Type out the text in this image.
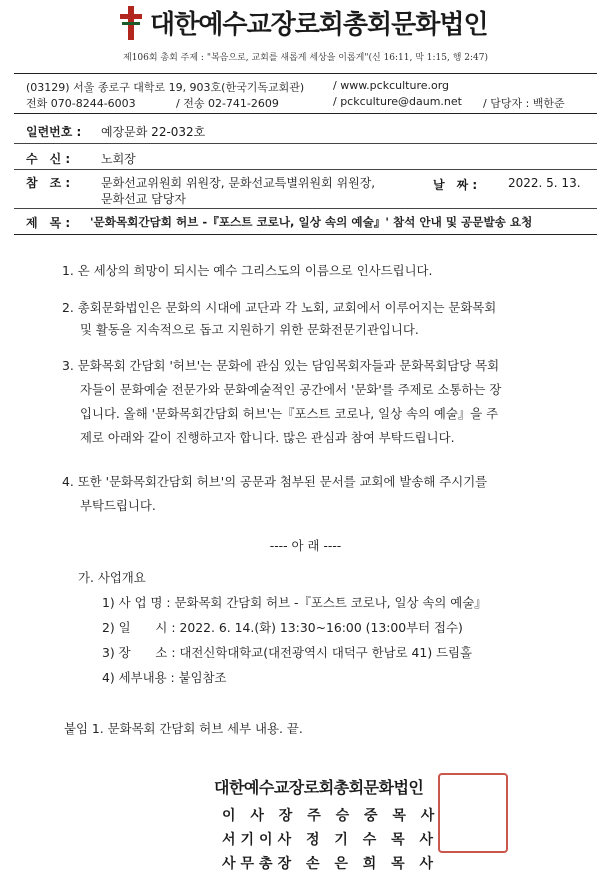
대한예수교장로회총회문화법인
제106회 총회 주제 : "복음으로, 교회를 새롭게 세상을 이롭게"(신 16:11, 막 1:15, 행 2:47)
(03129) 서울 종로구 대학로 19, 903호(한국기독교회관)	/ www.pckculture.org
전화 070-8244-6003	/ 전송 02-741-2609	/ pckculture@daum.net / 담당자 : 백한준
일련번호 : 예장문화 22-032호
수　신 :	노회장
참　조 :	문화선교위원회 위원장, 문화선교특별위원회 위원장,
문화선교 담당자
날　짜 :	2022. 5. 13.
제　목 : '문화목회간담회 허브 -『포스트 코로나, 일상 속의 예술』' 참석 안내 및 공문발송 요청
1. 온 세상의 희망이 되시는 예수 그리스도의 이름으로 인사드립니다.
2. 총회문화법인은 문화의 시대에 교단과 각 노회, 교회에서 이루어지는 문화목회
및 활동을 지속적으로 돕고 지원하기 위한 문화전문기관입니다.
3. 문화목회 간담회 '허브'는 문화에 관심 있는 담임목회자들과 문화목회담당 목회
자들이 문화예술 전문가와 문화예술적인 공간에서 '문화'를 주제로 소통하는 장
입니다. 올해 '문화목회간담회 허브'는『포스트 코로나, 일상 속의 예술』을 주
제로 아래와 같이 진행하고자 합니다. 많은 관심과 참여 부탁드립니다.
4. 또한 '문화목회간담회 허브'의 공문과 첨부된 문서를 교회에 발송해 주시기를
부탁드립니다.
---- 아 래 ----
가. 사업개요
1) 사 업 명 : 문화목회 간담회 허브 -『포스트 코로나, 일상 속의 예술』
2) 일　　시 : 2022. 6. 14.(화) 13:30~16:00 (13:00부터 접수)
3) 장　　소 : 대전신학대학교(대전광역시 대덕구 한남로 41) 드림홀
4) 세부내용 : 붙임참조
붙임 1. 문화목회 간담회 허브 세부 내용. 끝.
대한예수교장로회총회문화법인
이 사 장 주 승 중 목 사
서기이사 정 기 수 목 사
사무총장 손 은 희 목 사
